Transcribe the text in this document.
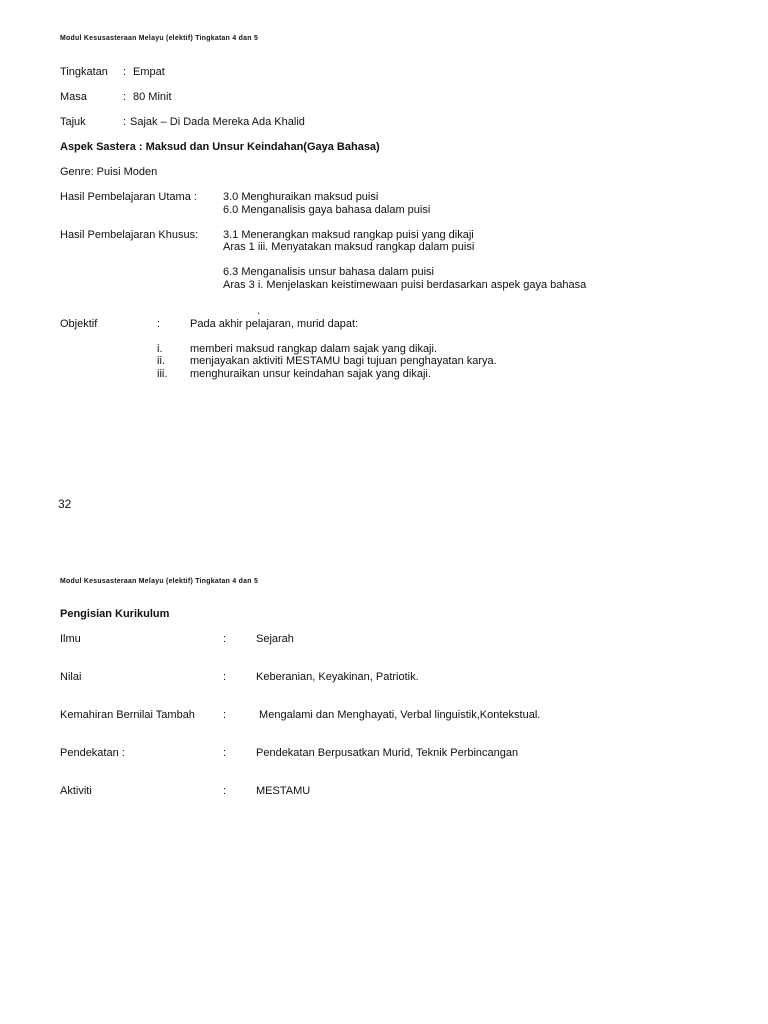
Modul Kesusasteraan Melayu (elektif) Tingkatan 4 dan 5
Tingkatan : Empat
Masa	: 80 Minit
Tajuk	: Sajak – Di Dada Mereka Ada Khalid
Aspek Sastera : Maksud dan Unsur Keindahan(Gaya Bahasa)
Genre: Puisi Moden
Hasil Pembelajaran Utama : 3.0 Menghuraikan maksud puisi
6.0 Menganalisis gaya bahasa dalam puisi
Hasil Pembelajaran Khusus: 3.1 Menerangkan maksud rangkap puisi yang dikaji
Aras 1 iii. Menyatakan maksud rangkap dalam puisi
6.3 Menganalisis unsur bahasa dalam puisi
Aras 3 i. Menjelaskan keistimewaan puisi berdasarkan aspek gaya bahasa
.
Objektif	:	Pada akhir pelajaran, murid dapat:
i.	memberi maksud rangkap dalam sajak yang dikaji.
ii. menjayakan aktiviti MESTAMU bagi tujuan penghayatan karya.
iii. menghuraikan unsur keindahan sajak yang dikaji.
32
Modul Kesusasteraan Melayu (elektif) Tingkatan 4 dan 5
Pengisian Kurikulum
Ilmu	:	Sejarah
Nilai	:	Keberanian, Keyakinan, Patriotik.
Kemahiran Bernilai Tambah	:	Mengalami dan Menghayati, Verbal linguistik,Kontekstual.
Pendekatan :	:	Pendekatan Berpusatkan Murid, Teknik Perbincangan
Aktiviti	:	MESTAMU
